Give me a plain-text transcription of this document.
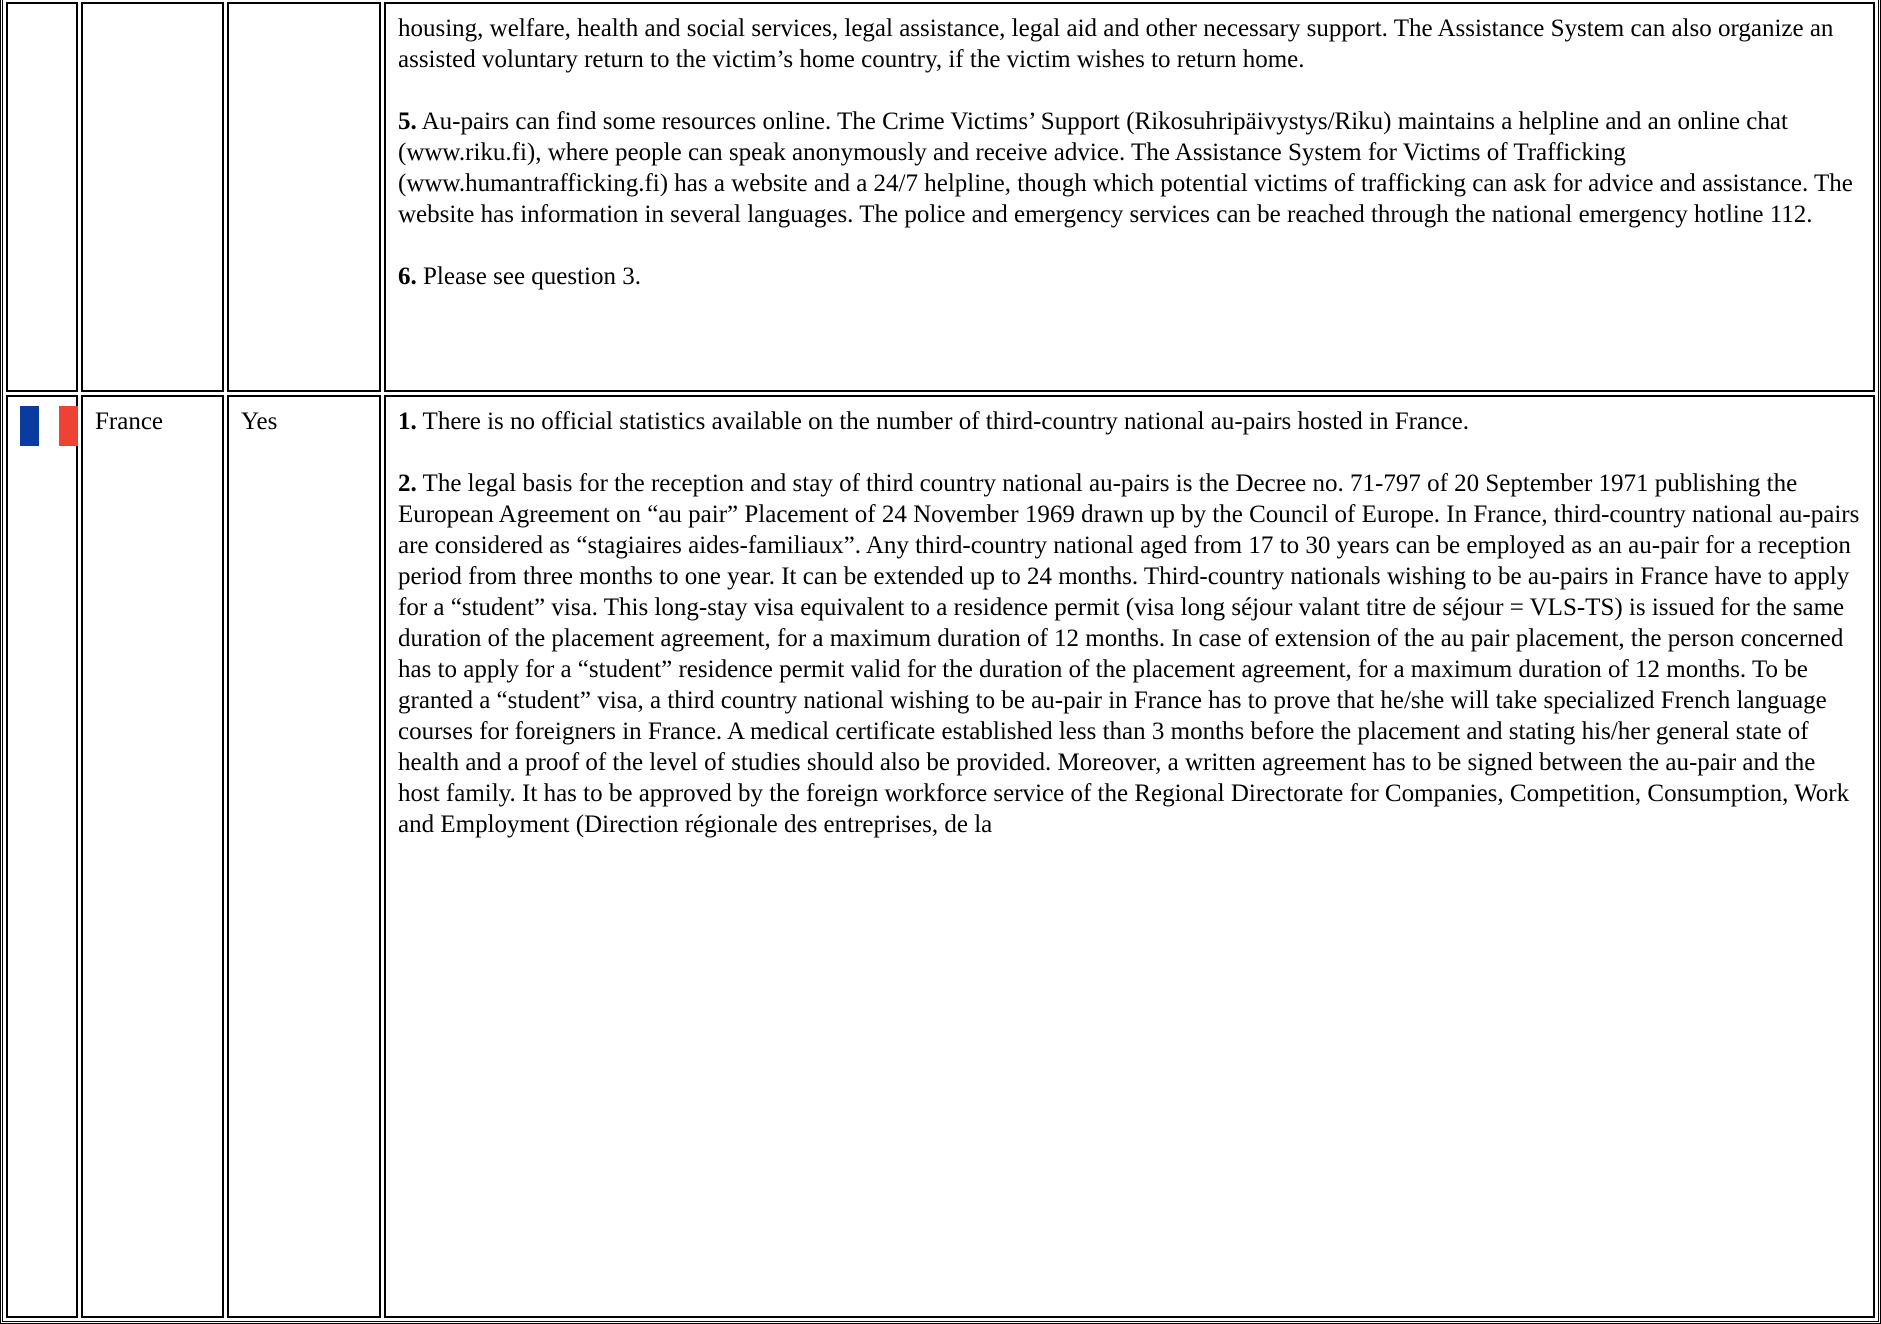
			housing, welfare, health and social services, legal assistance, legal aid and other necessary support. The Assistance System can also organize an assisted voluntary return to the victim’s home country, if the victim wishes to return home.

5. Au-pairs can find some resources online. The Crime Victims’ Support (Rikosuhripäivystys/Riku) maintains a helpline and an online chat (www.riku.fi), where people can speak anonymously and receive advice. The Assistance System for Victims of Trafficking (www.humantrafficking.fi) has a website and a 24/7 helpline, though which potential victims of trafficking can ask for advice and assistance. The website has information in several languages. The police and emergency services can be reached through the national emergency hotline 112.

6. Please see question 3.

	France	Yes	1. There is no official statistics available on the number of third-country national au-pairs hosted in France.

2. The legal basis for the reception and stay of third country national au-pairs is the Decree no. 71-797 of 20 September 1971 publishing the European Agreement on “au pair” Placement of 24 November 1969 drawn up by the Council of Europe. In France, third-country national au-pairs are considered as “stagiaires aides-familiaux”. Any third-country national aged from 17 to 30 years can be employed as an au-pair for a reception period from three months to one year. It can be extended up to 24 months. Third-country nationals wishing to be au-pairs in France have to apply for a “student” visa. This long-stay visa equivalent to a residence permit (visa long séjour valant titre de séjour = VLS-TS) is issued for the same duration of the placement agreement, for a maximum duration of 12 months. In case of extension of the au pair placement, the person concerned has to apply for a “student” residence permit valid for the duration of the placement agreement, for a maximum duration of 12 months. To be granted a “student” visa, a third country national wishing to be au-pair in France has to prove that he/she will take specialized French language courses for foreigners in France. A medical certificate established less than 3 months before the placement and stating his/her general state of health and a proof of the level of studies should also be provided. Moreover, a written agreement has to be signed between the au-pair and the host family. It has to be approved by the foreign workforce service of the Regional Directorate for Companies, Competition, Consumption, Work and Employment (Direction régionale des entreprises, de la
